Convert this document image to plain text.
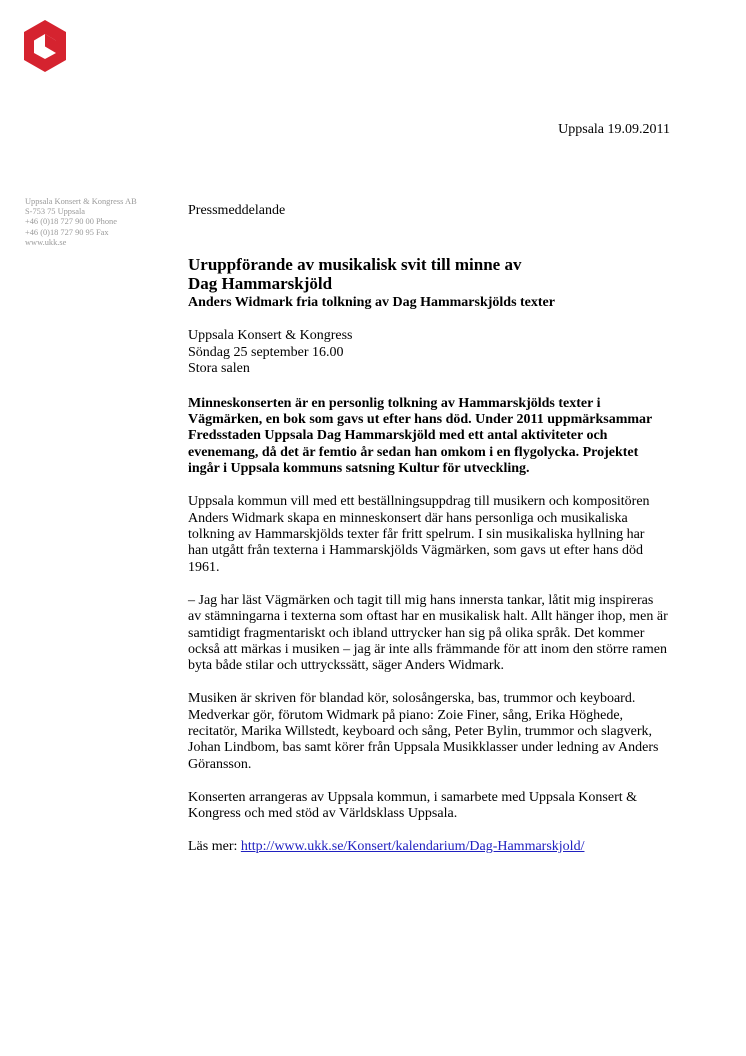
Uppsala 19.09.2011
Uppsala Konsert & Kongress AB
S-753 75 Uppsala
+46 (0)18 727 90 00 Phone
+46 (0)18 727 90 95 Fax
www.ukk.se

Pressmeddelande

Uruppförande av musikalisk svit till minne av
Dag Hammarskjöld

Anders Widmark fria tolkning av Dag Hammarskjölds texter

Uppsala Konsert & Kongress
Söndag 25 september 16.00
Stora salen

Minneskonserten är en personlig tolkning av Hammarskjölds texter i Vägmärken, en bok som gavs ut efter hans död. Under 2011 uppmärksammar Fredsstaden Uppsala Dag Hammarskjöld med ett antal aktiviteter och evenemang, då det är femtio år sedan han omkom i en flygolycka. Projektet ingår i Uppsala kommuns satsning Kultur för utveckling.

Uppsala kommun vill med ett beställningsuppdrag till musikern och kompositören Anders Widmark skapa en minneskonsert där hans personliga och musikaliska tolkning av Hammarskjölds texter får fritt spelrum. I sin musikaliska hyllning har han utgått från texterna i Hammarskjölds Vägmärken, som gavs ut efter hans död 1961.

– Jag har läst Vägmärken och tagit till mig hans innersta tankar, låtit mig inspireras av stämningarna i texterna som oftast har en musikalisk halt. Allt hänger ihop, men är samtidigt fragmentariskt och ibland uttrycker han sig på olika språk. Det kommer också att märkas i musiken – jag är inte alls främmande för att inom den större ramen byta både stilar och uttryckssätt, säger Anders Widmark.

Musiken är skriven för blandad kör, solosångerska, bas, trummor och keyboard. Medverkar gör, förutom Widmark på piano: Zoie Finer, sång, Erika Höghede, recitatör, Marika Willstedt, keyboard och sång, Peter Bylin, trummor och slagverk, Johan Lindbom, bas samt körer från Uppsala Musikklasser under ledning av Anders Göransson.

Konserten arrangeras av Uppsala kommun, i samarbete med Uppsala Konsert & Kongress och med stöd av Världsklass Uppsala.

Läs mer: http://www.ukk.se/Konsert/kalendarium/Dag-Hammarskjold/
